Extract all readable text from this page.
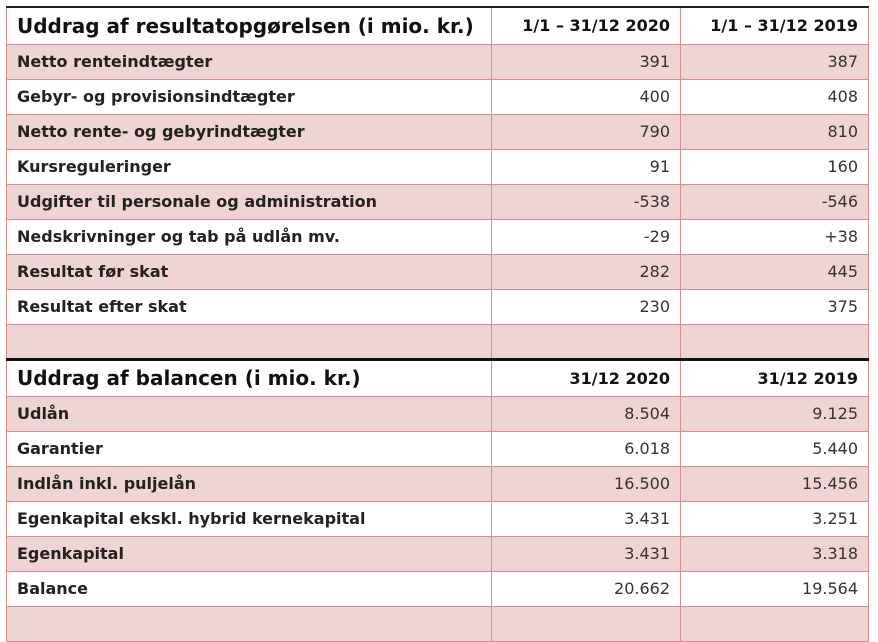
Uddrag af resultatopgørelsen (i mio. kr.)	1/1 – 31/12 2020	1/1 – 31/12 2019
Netto renteindtægter	391	387
Gebyr- og provisionsindtægter	400	408
Netto rente- og gebyrindtægter	790	810
Kursreguleringer	91	160
Udgifter til personale og administration	-538	-546
Nedskrivninger og tab på udlån mv.	-29	+38
Resultat før skat	282	445
Resultat efter skat	230	375

Uddrag af balancen (i mio. kr.)	31/12 2020	31/12 2019
Udlån	8.504	9.125
Garantier	6.018	5.440
Indlån inkl. puljelån	16.500	15.456
Egenkapital ekskl. hybrid kernekapital	3.431	3.251
Egenkapital	3.431	3.318
Balance	20.662	19.564
